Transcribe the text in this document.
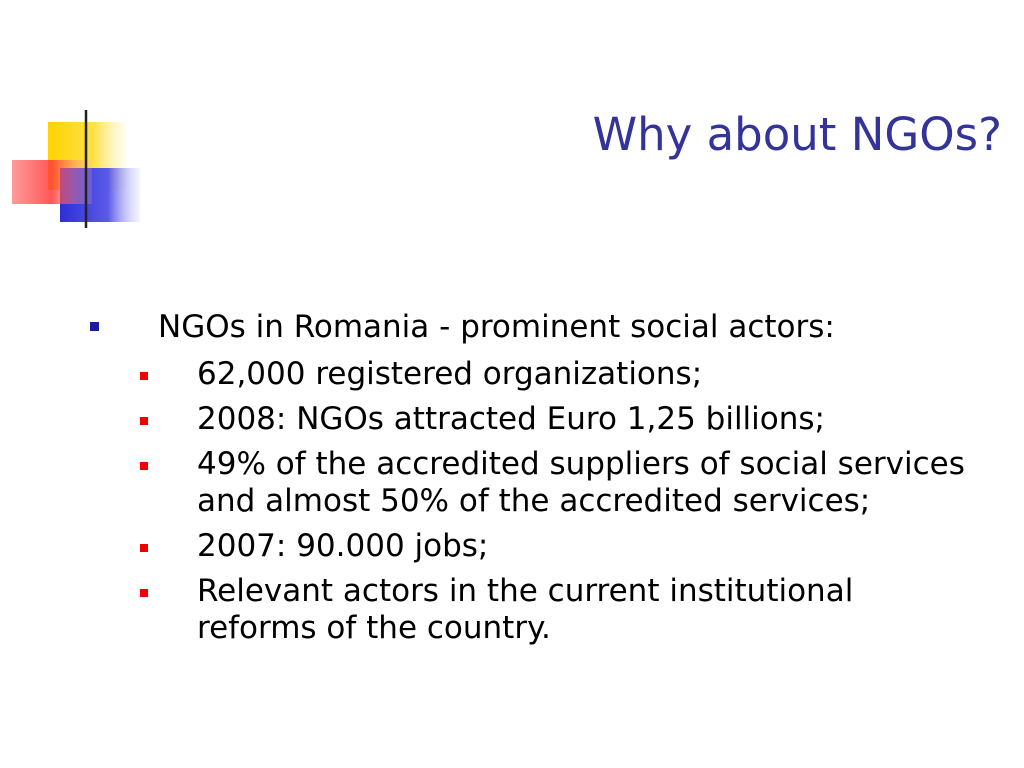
Why about NGOs?
NGOs in Romania - prominent social actors:
62,000 registered organizations;
2008: NGOs attracted Euro 1,25 billions;
49% of the accredited suppliers of social services and almost 50% of the accredited services;
2007: 90.000 jobs;
Relevant actors in the current institutional reforms of the country.
